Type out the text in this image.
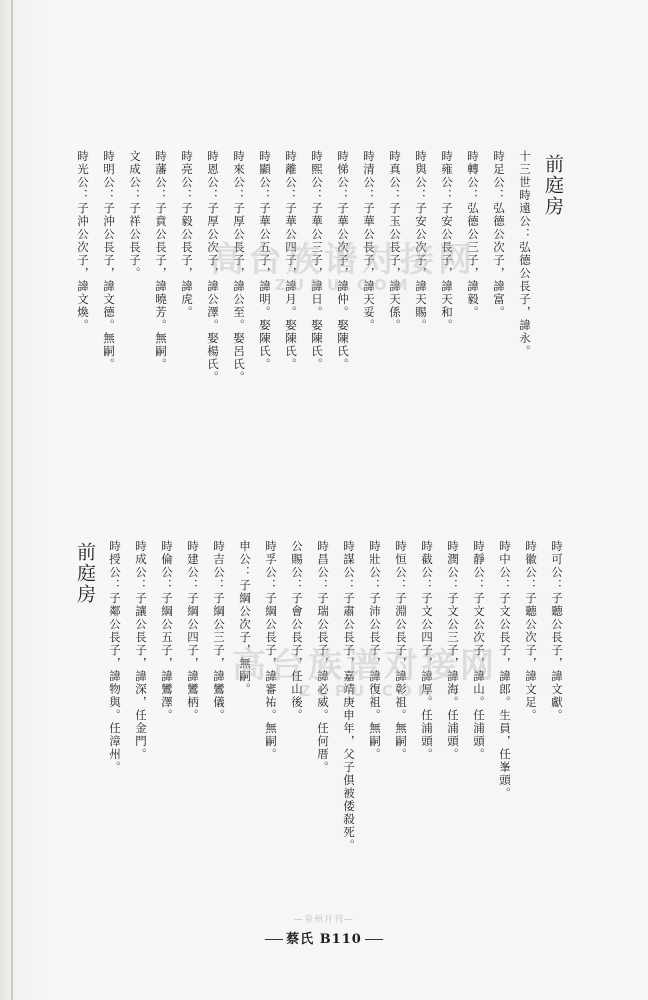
前庭房
十三世時遠公：弘德公長子，諱永。
時足公：弘德公次子，諱富。
時轉公：弘德公三子，諱毅。
時雍公：子安公長子，諱天和。
時與公：子安公次子，諱天賜。
時真公：子玉公長子，諱天係。
時清公：子華公長子，諱天妥。
時悌公：子華公次子，諱仲。娶陳氏。
時熙公：子華公三子，諱日。娶陳氏。
時離公：子華公四子，諱月。娶陳氏。
時顯公：子華公五子，諱明。娶陳氏。
時來公：子厚公長子，諱公至。娶呂氏。
時恩公：子厚公次子，諱公澤。娶楊氏。
時亮公：子毅公長子，諱虎。
時藩公：子賁公長子，諱曉芳。無嗣。
文成公：子祥公長子。
時明公：子沖公長子，諱文德。無嗣。
時光公：子沖公次子，諱文煥。
時可公：子聽公長子，諱文獻。
時徽公：子聽公次子，諱文足。
時中公：子文公長子，諱郎。生員，任峯頭。
時靜公：子文公次子，諱山。任浦頭。
時潤公：子文公三子，諱海。任浦頭。
時截公：子文公四子，諱厚。任浦頭。
時恒公：子淵公長子，諱彰祖。無嗣。
時壯公：子沛公長子，諱復祖。無嗣。
時謀公：子肅公長子，嘉靖庚申年，父子俱被倭殺死。
時昌公：子瑞公長子，諱必威。任何厝。
公賜公：子會公長子，任山後。
時孚公：子綱公長子，諱審祐。無嗣。
申公：子綱公次子，無嗣。
時吉公：子綱公三子，諱鸞儀。
時建公：子綱公四子，諱鸞柄。
時倫公：子綱公五子，諱鸞澤。
時成公：子讓公長子，諱深，任金門。
時授公：子鄰公長子，諱物與。任漳州。
前庭房
高台族谱对接网
ZUPU.COM
高台族谱对接网
ZUPU.COM
—泉州月刊—
蔡氏 B110
